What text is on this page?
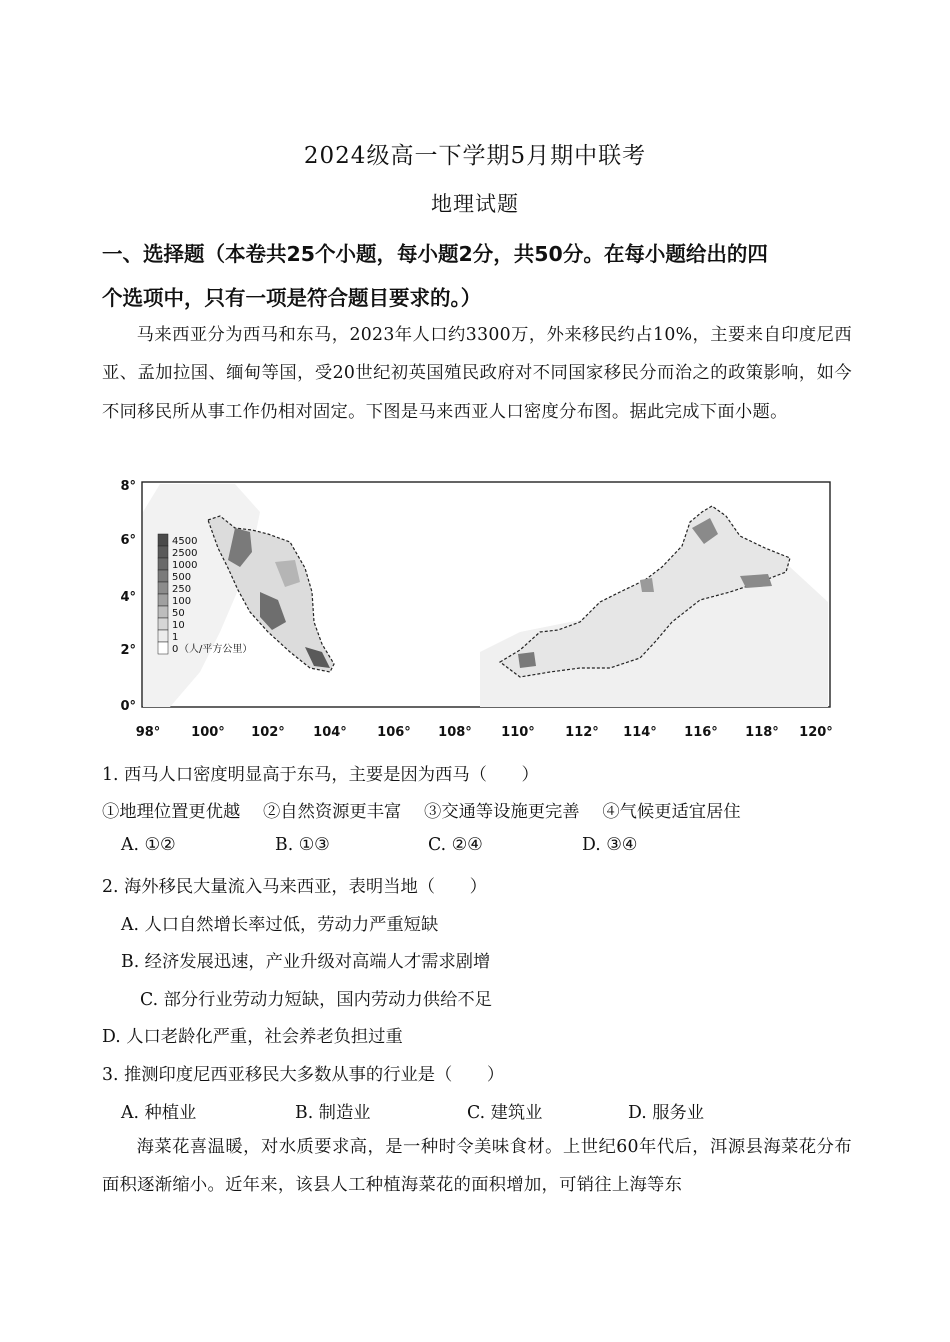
2024级高一下学期5月期中联考
地理试题
一、选择题（本卷共25个小题，每小题2分，共50分。在每小题给出的四
个选项中，只有一项是符合题目要求的。）
马来西亚分为西马和东马，2023年人口约3300万，外来移民约占10%，主要来自印度尼西亚、孟加拉国、缅甸等国，受20世纪初英国殖民政府对不同国家移民分而治之的政策影响，如今不同移民所从事工作仍相对固定。下图是马来西亚人口密度分布图。据此完成下面小题。
4500
2500
1000
500
250
100
50
10
1
0 （人/平方公里）
8°
6°
4°
2°
0°
98° 100° 102° 104° 106° 108° 110° 112° 114° 116° 118° 120°
1. 西马人口密度明显高于东马，主要是因为西马（　　）
①地理位置更优越　 ②自然资源更丰富　 ③交通等设施更完善　 ④气候更适宜居住
A. ①②	B. ①③	C. ②④	D. ③④
2. 海外移民大量流入马来西亚，表明当地（　　）
A. 人口自然增长率过低，劳动力严重短缺
B. 经济发展迅速，产业升级对高端人才需求剧增
C. 部分行业劳动力短缺，国内劳动力供给不足
D. 人口老龄化严重，社会养老负担过重
3. 推测印度尼西亚移民大多数从事的行业是（　　）
A. 种植业	B. 制造业	C. 建筑业	D. 服务业
海菜花喜温暖，对水质要求高，是一种时令美味食材。上世纪60年代后，洱源县海菜花分布面积逐渐缩小。近年来，该县人工种植海菜花的面积增加，可销往上海等东
